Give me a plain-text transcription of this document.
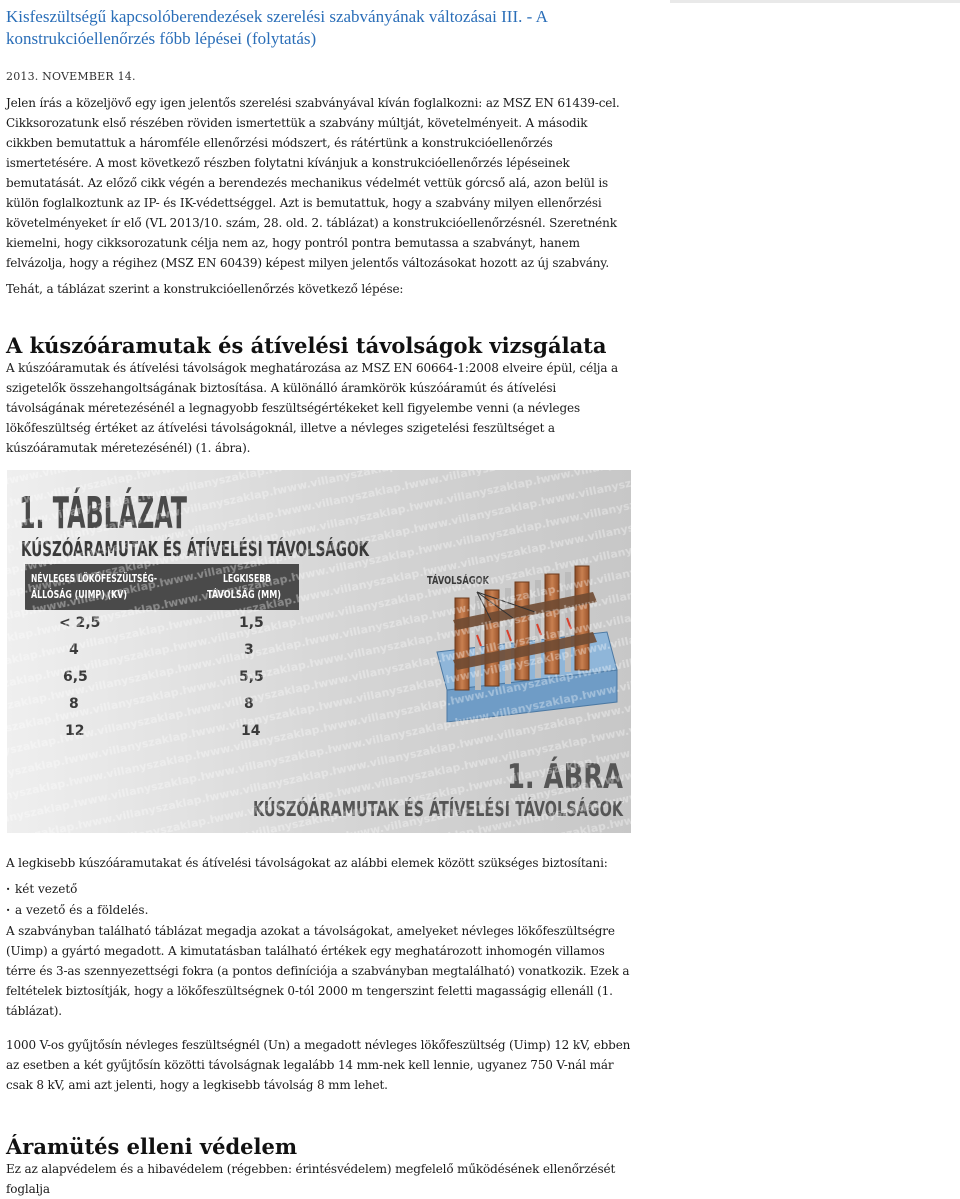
Kisfeszültségű kapcsolóberendezések szerelési szabványának változásai III. - A konstrukcióellenőrzés főbb lépései (folytatás)
2013. NOVEMBER 14.

Jelen írás a közeljövő egy igen jelentős szerelési szabványával kíván foglalkozni: az MSZ EN 61439-cel. Cikksorozatunk első részében röviden ismertettük a szabvány múltját, követelményeit. A második cikkben bemutattuk a háromféle ellenőrzési módszert, és rátértünk a konstrukcióellenőrzés ismertetésére. A most következő részben folytatni kívánjuk a konstrukcióellenőrzés lépéseinek bemutatását. Az előző cikk végén a berendezés mechanikus védelmét vettük górcső alá, azon belül is külön foglalkoztunk az IP- és IK-védettséggel. Azt is bemutattuk, hogy a szabvány milyen ellenőrzési követelményeket ír elő (VL 2013/10. szám, 28. old. 2. táblázat) a konstrukcióellenőrzésnél. Szeretnénk kiemelni, hogy cikksorozatunk célja nem az, hogy pontról pontra bemutassa a szabványt, hanem felvázolja, hogy a régihez (MSZ EN 60439) képest milyen jelentős változásokat hozott az új szabvány.

Tehát, a táblázat szerint a konstrukcióellenőrzés következő lépése:

A kúszóáramutak és átívelési távolságok vizsgálata

A kúszóáramutak és átívelési távolságok meghatározása az MSZ EN 60664-1:2008 elveire épül, célja a szigetelők összehangoltságának biztosítása. A különálló áramkörök kúszóáramút és átívelési távolságának méretezésénél a legnagyobb feszültségértékeket kell figyelembe venni (a névleges lökőfeszültség értéket az átívelési távolságoknál, illetve a névleges szigetelési feszültséget a kúszóáramutak méretezésénél) (1. ábra).

A legkisebb kúszóáramutakat és átívelési távolságokat az alábbi elemek között szükséges biztosítani:

· két vezető
· a vezető és a földelés.

A szabványban található táblázat megadja azokat a távolságokat, amelyeket névleges lökőfeszültségre (Uimp) a gyártó megadott. A kimutatásban található értékek egy meghatározott inhomogén villamos térre és 3-as szennyezettségi fokra (a pontos definíciója a szabványban megtalálható) vonatkozik. Ezek a feltételek biztosítják, hogy a lökőfeszültségnek 0-tól 2000 m tengerszint feletti magasságig ellenáll (1. táblázat).

1000 V-os gyűjtősín névleges feszültségnél (Un) a megadott névleges lökőfeszültség (Uimp) 12 kV, ebben az esetben a két gyűjtősín közötti távolságnak legalább 14 mm-nek kell lennie, ugyanez 750 V-nál már csak 8 kV, ami azt jelenti, hogy a legkisebb távolság 8 mm lehet.

Áramütés elleni védelem

Ez az alapvédelem és a hibavédelem (régebben: érintésvédelem) megfelelő működésének ellenőrzését foglalja
